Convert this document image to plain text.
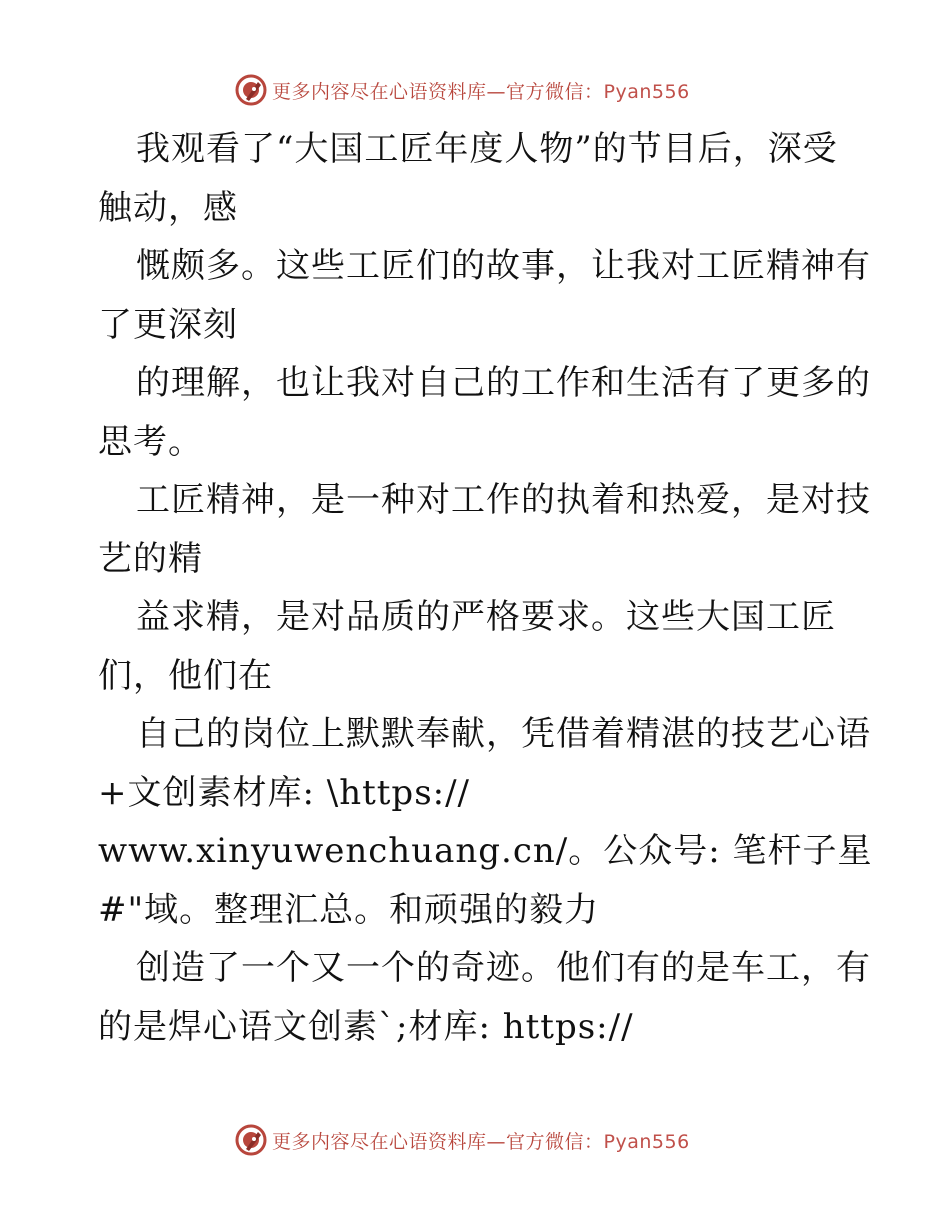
更多内容尽在心语资料库—官方微信：Pyan556
我观看了“大国工匠年度人物”的节目后，深受
触动，感
慨颇多。这些工匠们的故事，让我对工匠精神有
了更深刻
的理解，也让我对自己的工作和生活有了更多的
思考。
工匠精神，是一种对工作的执着和热爱，是对技
艺的精
益求精，是对品质的严格要求。这些大国工匠
们，他们在
自己的岗位上默默奉献，凭借着精湛的技艺心语
+文创素材库: \https://
www.xinyuwenchuang.cn/。公众号: 笔杆子星
#"域。整理汇总。和顽强的毅力
创造了一个又一个的奇迹。他们有的是车工，有
的是焊心语文创素`;材库: https://
更多内容尽在心语资料库—官方微信：Pyan556
